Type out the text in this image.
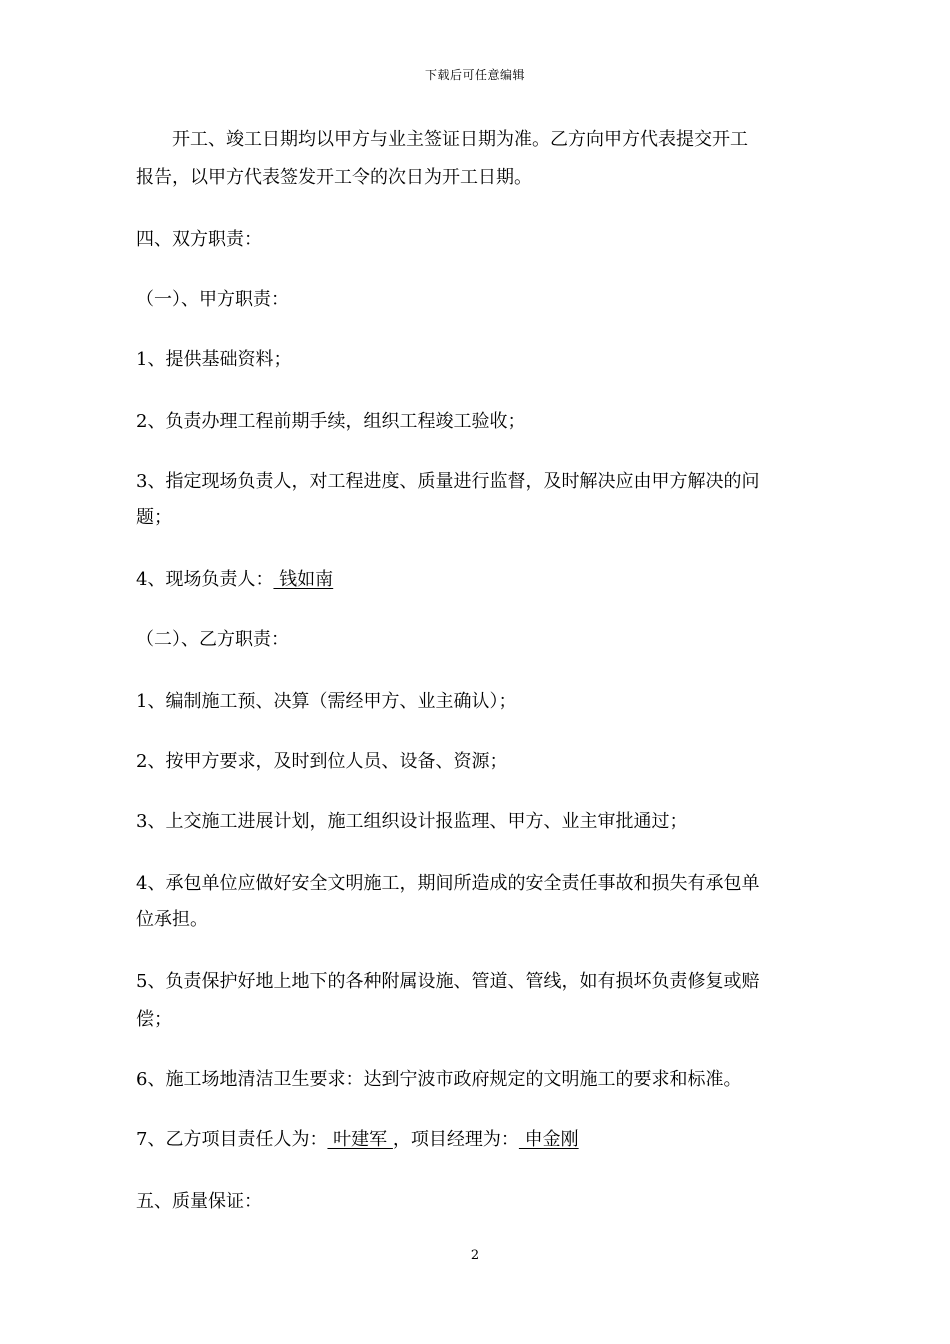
下载后可任意编辑
开工、竣工日期均以甲方与业主签证日期为准。乙方向甲方代表提交开工
报告，以甲方代表签发开工令的次日为开工日期。
四、双方职责：
（一）、甲方职责：
1、提供基础资料；
2、负责办理工程前期手续，组织工程竣工验收；
3、指定现场负责人，对工程进度、质量进行监督，及时解决应由甲方解决的问
题；
4、现场负责人： 钱如南
（二）、乙方职责：
1、编制施工预、决算（需经甲方、业主确认）；
2、按甲方要求，及时到位人员、设备、资源；
3、上交施工进展计划，施工组织设计报监理、甲方、业主审批通过；
4、承包单位应做好安全文明施工，期间所造成的安全责任事故和损失有承包单
位承担。
5、负责保护好地上地下的各种附属设施、管道、管线，如有损坏负责修复或赔
偿；
6、施工场地清洁卫生要求：达到宁波市政府规定的文明施工的要求和标准。
7、乙方项目责任人为： 叶建军 ，项目经理为： 申金刚
五、质量保证：
2
